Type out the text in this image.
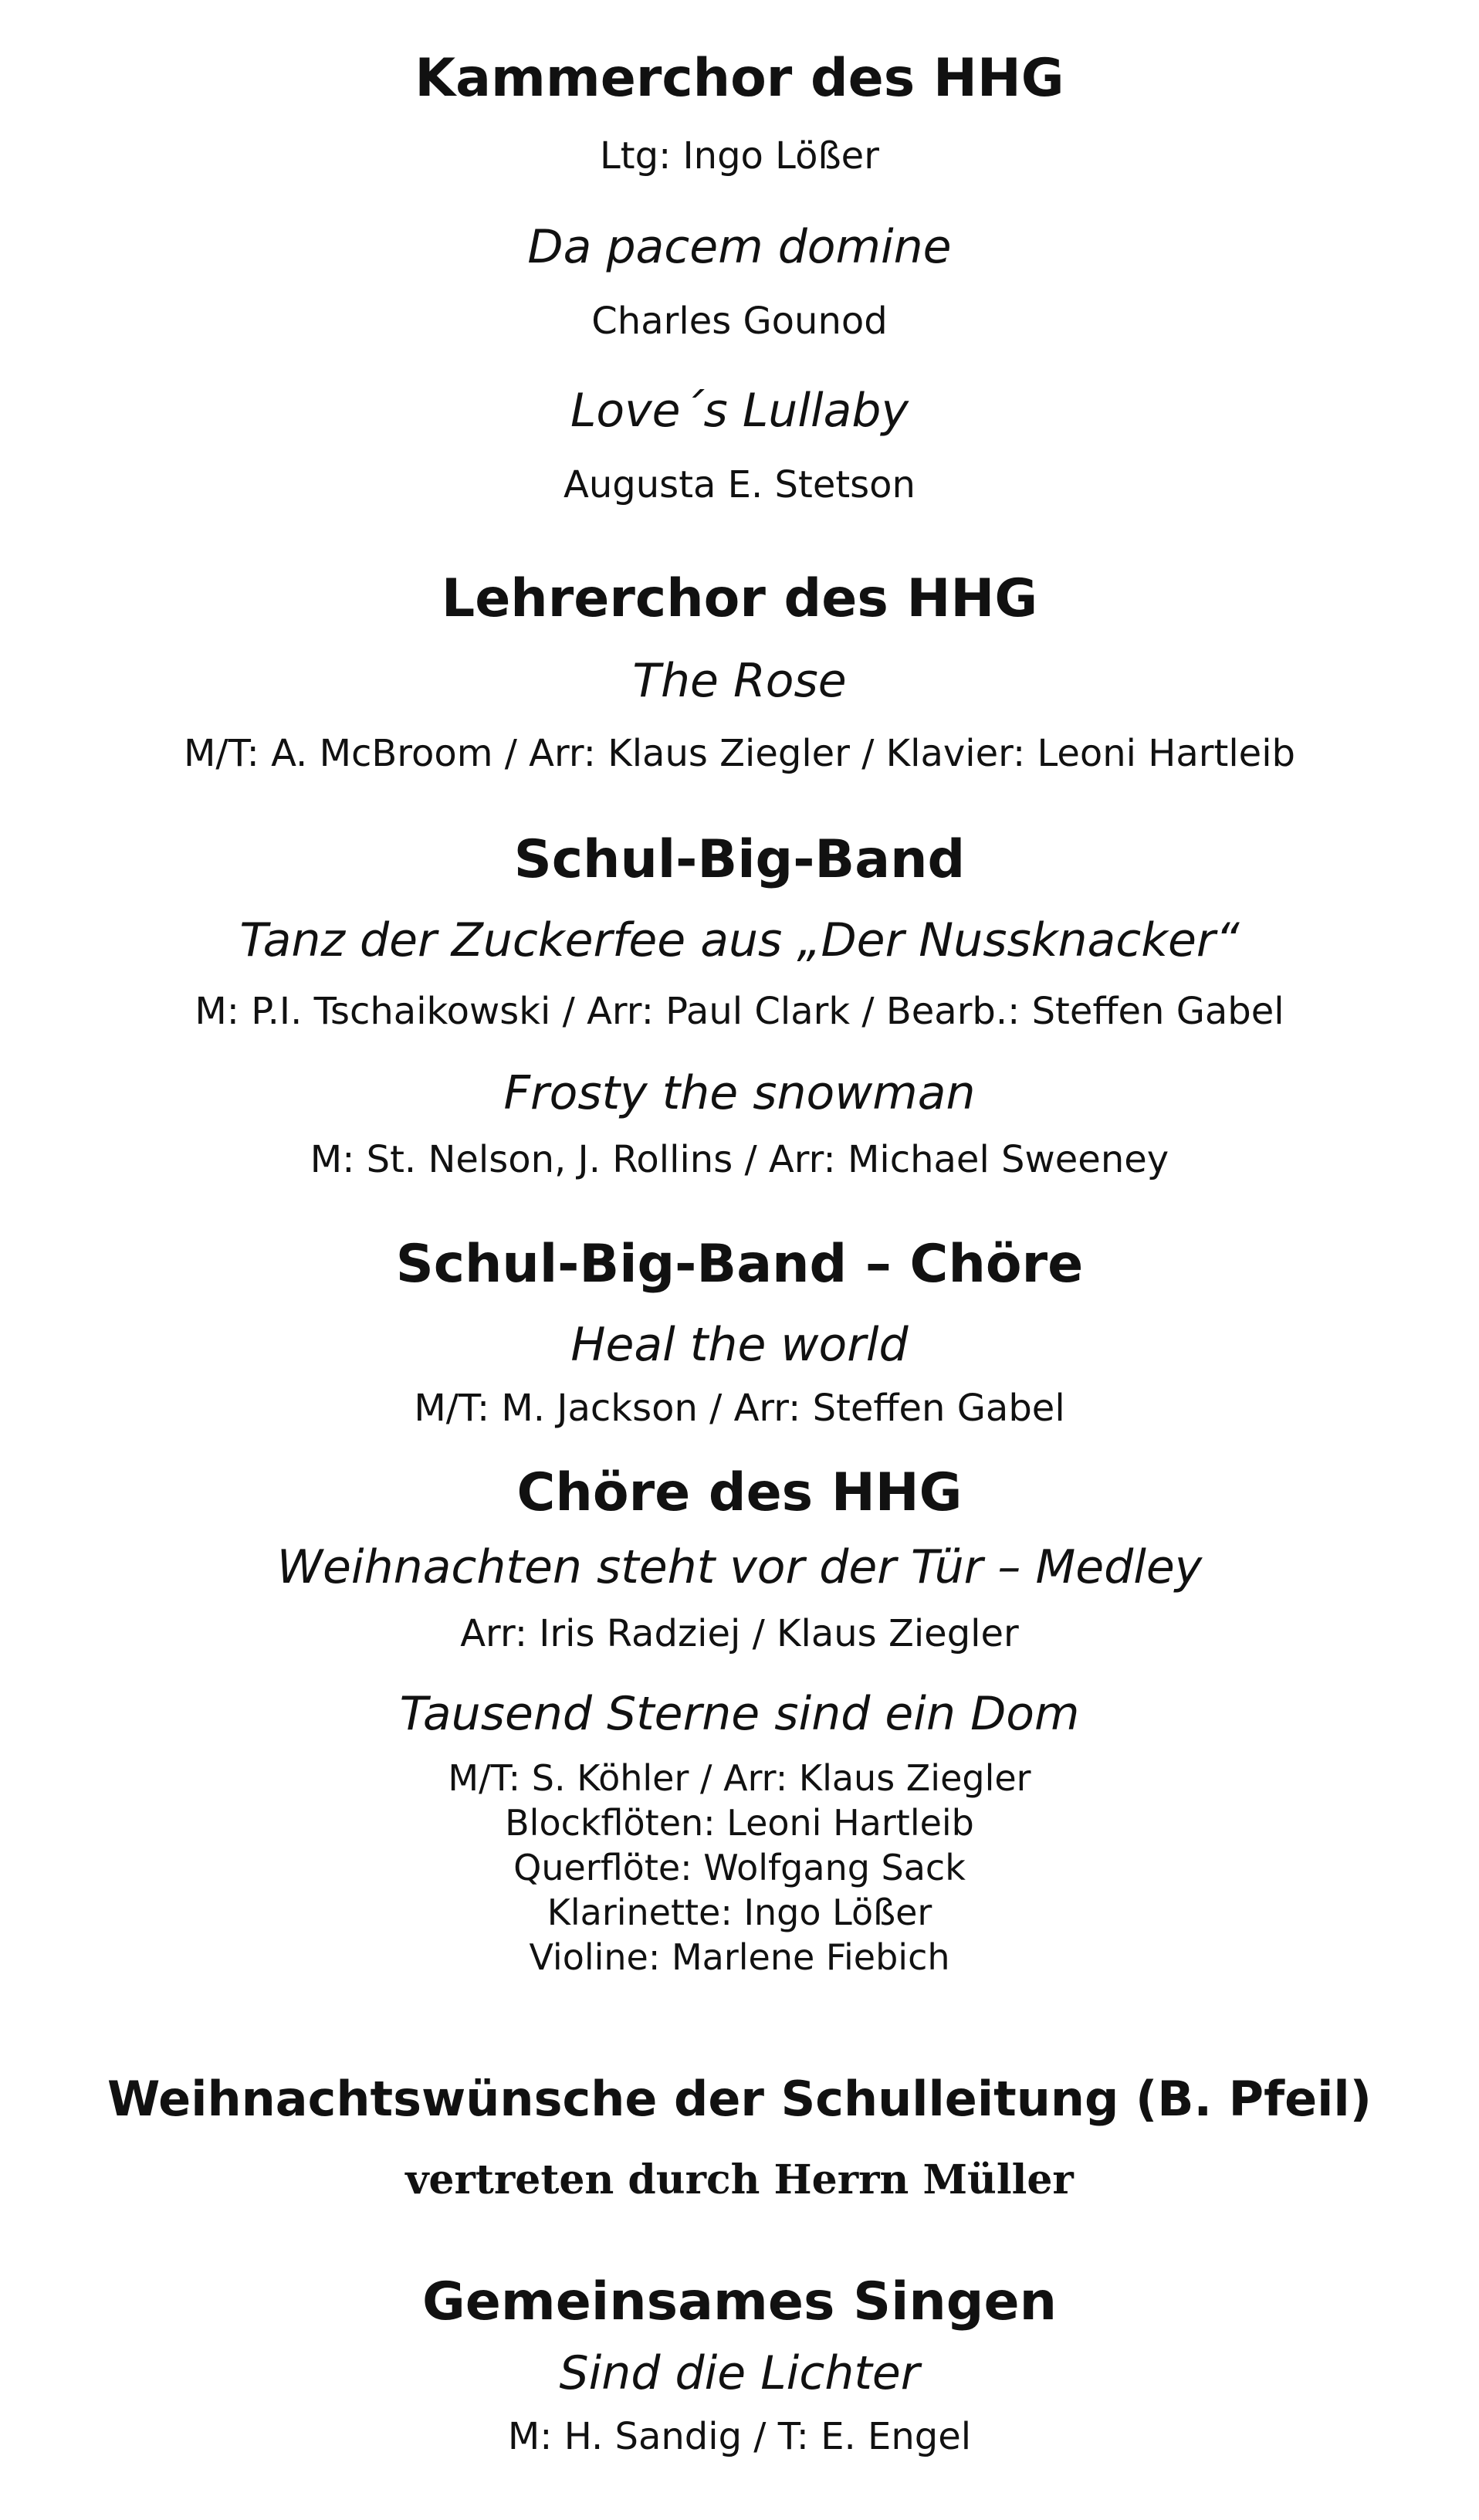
Kammerchor des HHG
Ltg: Ingo Lößer
Da pacem domine
Charles Gounod
Love´s Lullaby
Augusta E. Stetson
Lehrerchor des HHG
The Rose
M/T: A. McBroom / Arr: Klaus Ziegler / Klavier: Leoni Hartleib
Schul-Big-Band
Tanz der Zuckerfee aus „Der Nussknacker“
M: P.I. Tschaikowski / Arr: Paul Clark / Bearb.: Steffen Gabel
Frosty the snowman
M: St. Nelson, J. Rollins / Arr: Michael Sweeney
Schul-Big-Band – Chöre
Heal the world
M/T: M. Jackson / Arr: Steffen Gabel
Chöre des HHG
Weihnachten steht vor der Tür – Medley
Arr: Iris Radziej / Klaus Ziegler
Tausend Sterne sind ein Dom
M/T: S. Köhler / Arr: Klaus Ziegler
Blockflöten: Leoni Hartleib
Querflöte: Wolfgang Sack
Klarinette: Ingo Lößer
Violine: Marlene Fiebich
Weihnachtswünsche der Schulleitung (B. Pfeil)
vertreten durch Herrn Müller
Gemeinsames Singen
Sind die Lichter
M: H. Sandig / T: E. Engel
